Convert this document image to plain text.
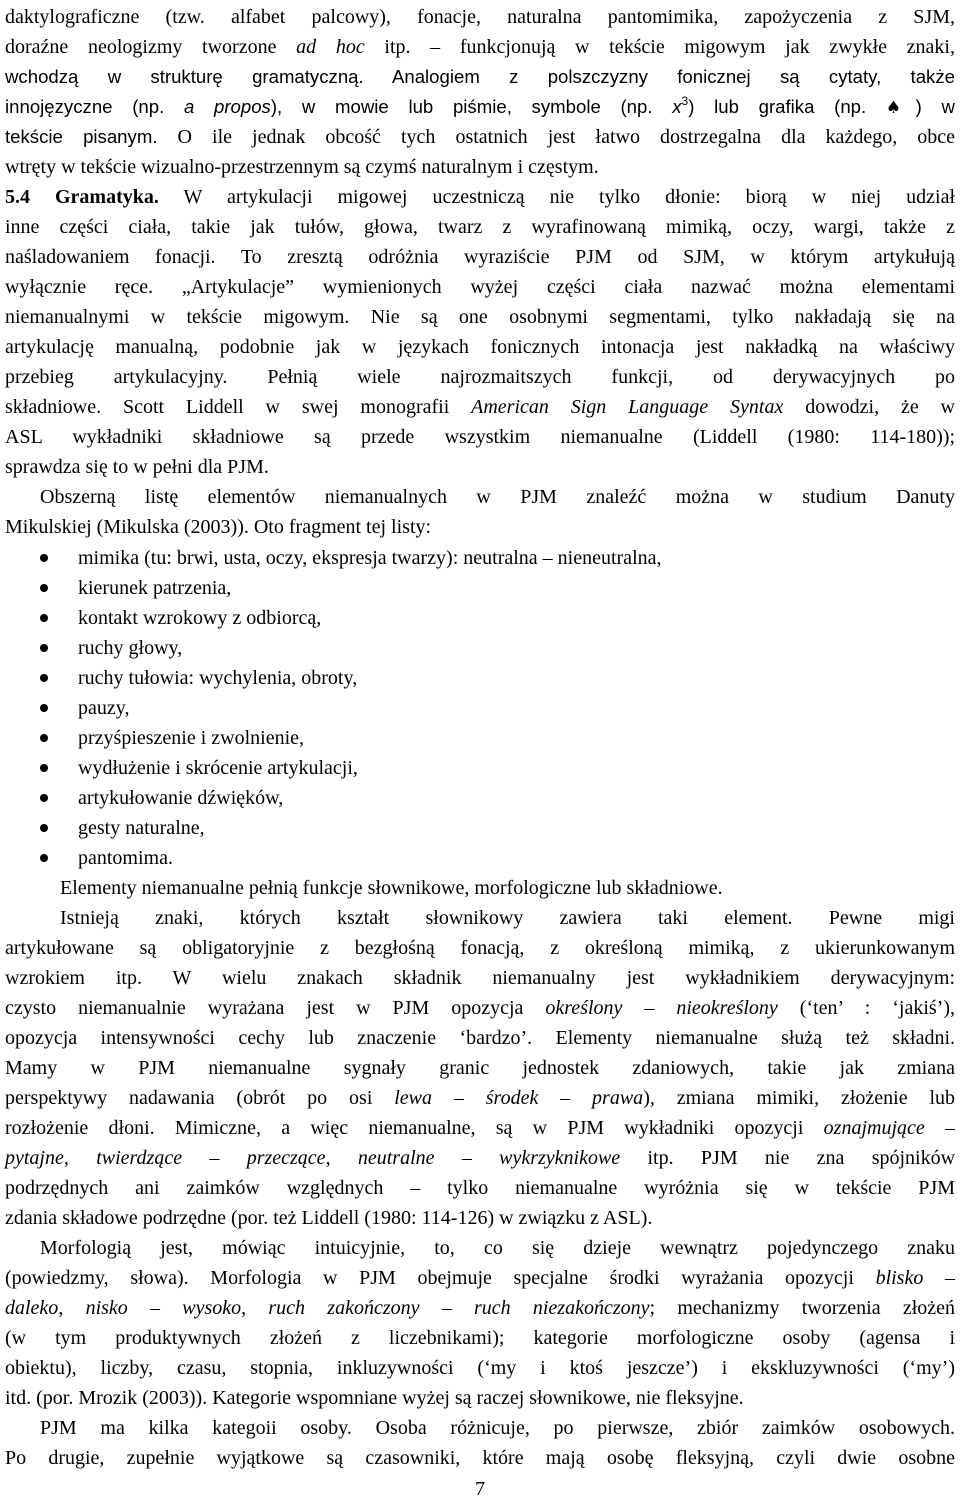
daktylograficzne (tzw. alfabet palcowy), fonacje, naturalna pantomimika, zapożyczenia z SJM,
doraźne neologizmy tworzone ad hoc itp. – funkcjonują w tekście migowym jak zwykłe znaki,
wchodzą w strukturę gramatyczną. Analogiem z polszczyzny fonicznej są cytaty, także
innojęzyczne (np. a propos), w mowie lub piśmie, symbole (np. $x^3$) lub grafika (np. ♠) w
tekście pisanym. O ile jednak obcość tych ostatnich jest łatwo dostrzegalna dla każdego, obce
wtręty w tekście wizualno-przestrzennym są czymś naturalnym i częstym.
5.4 Gramatyka. W artykulacji migowej uczestniczą nie tylko dłonie: biorą w niej udział
inne części ciała, takie jak tułów, głowa, twarz z wyrafinowaną mimiką, oczy, wargi, także z
naśladowaniem fonacji. To zresztą odróżnia wyraziście PJM od SJM, w którym artykułują
wyłącznie ręce. „Artykulacje” wymienionych wyżej części ciała nazwać można elementami
niemanualnymi w tekście migowym. Nie są one osobnymi segmentami, tylko nakładają się na
artykulację manualną, podobnie jak w językach fonicznych intonacja jest nakładką na właściwy
przebieg artykulacyjny. Pełnią wiele najrozmaitszych funkcji, od derywacyjnych po
składniowe. Scott Liddell w swej monografii American Sign Language Syntax dowodzi, że w
ASL wykładniki składniowe są przede wszystkim niemanualne (Liddell (1980: 114-180));
sprawdza się to w pełni dla PJM.
Obszerną listę elementów niemanualnych w PJM znaleźć można w studium Danuty
Mikulskiej (Mikulska (2003)). Oto fragment tej listy:
mimika (tu: brwi, usta, oczy, ekspresja twarzy): neutralna – nieneutralna,
kierunek patrzenia,
kontakt wzrokowy z odbiorcą,
ruchy głowy,
ruchy tułowia: wychylenia, obroty,
pauzy,
przyśpieszenie i zwolnienie,
wydłużenie i skrócenie artykulacji,
artykułowanie dźwięków,
gesty naturalne,
pantomima.
Elementy niemanualne pełnią funkcje słownikowe, morfologiczne lub składniowe.
Istnieją znaki, których kształt słownikowy zawiera taki element. Pewne migi
artykułowane są obligatoryjnie z bezgłośną fonacją, z określoną mimiką, z ukierunkowanym
wzrokiem itp. W wielu znakach składnik niemanualny jest wykładnikiem derywacyjnym:
czysto niemanualnie wyrażana jest w PJM opozycja określony – nieokreślony (‘ten’ : ‘jakiś’),
opozycja intensywności cechy lub znaczenie ‘bardzo’. Elementy niemanualne służą też składni.
Mamy w PJM niemanualne sygnały granic jednostek zdaniowych, takie jak zmiana
perspektywy nadawania (obrót po osi lewa – środek – prawa), zmiana mimiki, złożenie lub
rozłożenie dłoni. Mimiczne, a więc niemanualne, są w PJM wykładniki opozycji oznajmujące –
pytajne, twierdzące – przeczące, neutralne – wykrzyknikowe itp. PJM nie zna spójników
podrzędnych ani zaimków względnych – tylko niemanualne wyróżnia się w tekście PJM
zdania składowe podrzędne (por. też Liddell (1980: 114-126) w związku z ASL).
Morfologią jest, mówiąc intuicyjnie, to, co się dzieje wewnątrz pojedynczego znaku
(powiedzmy, słowa). Morfologia w PJM obejmuje specjalne środki wyrażania opozycji blisko –
daleko, nisko – wysoko, ruch zakończony – ruch niezakończony; mechanizmy tworzenia złożeń
(w tym produktywnych złożeń z liczebnikami); kategorie morfologiczne osoby (agensa i
obiektu), liczby, czasu, stopnia, inkluzywności (‘my i ktoś jeszcze’) i ekskluzywności (‘my’)
itd. (por. Mrozik (2003)). Kategorie wspomniane wyżej są raczej słownikowe, nie fleksyjne.
PJM ma kilka kategoii osoby. Osoba różnicuje, po pierwsze, zbiór zaimków osobowych.
Po drugie, zupełnie wyjątkowe są czasowniki, które mają osobę fleksyjną, czyli dwie osobne
7
